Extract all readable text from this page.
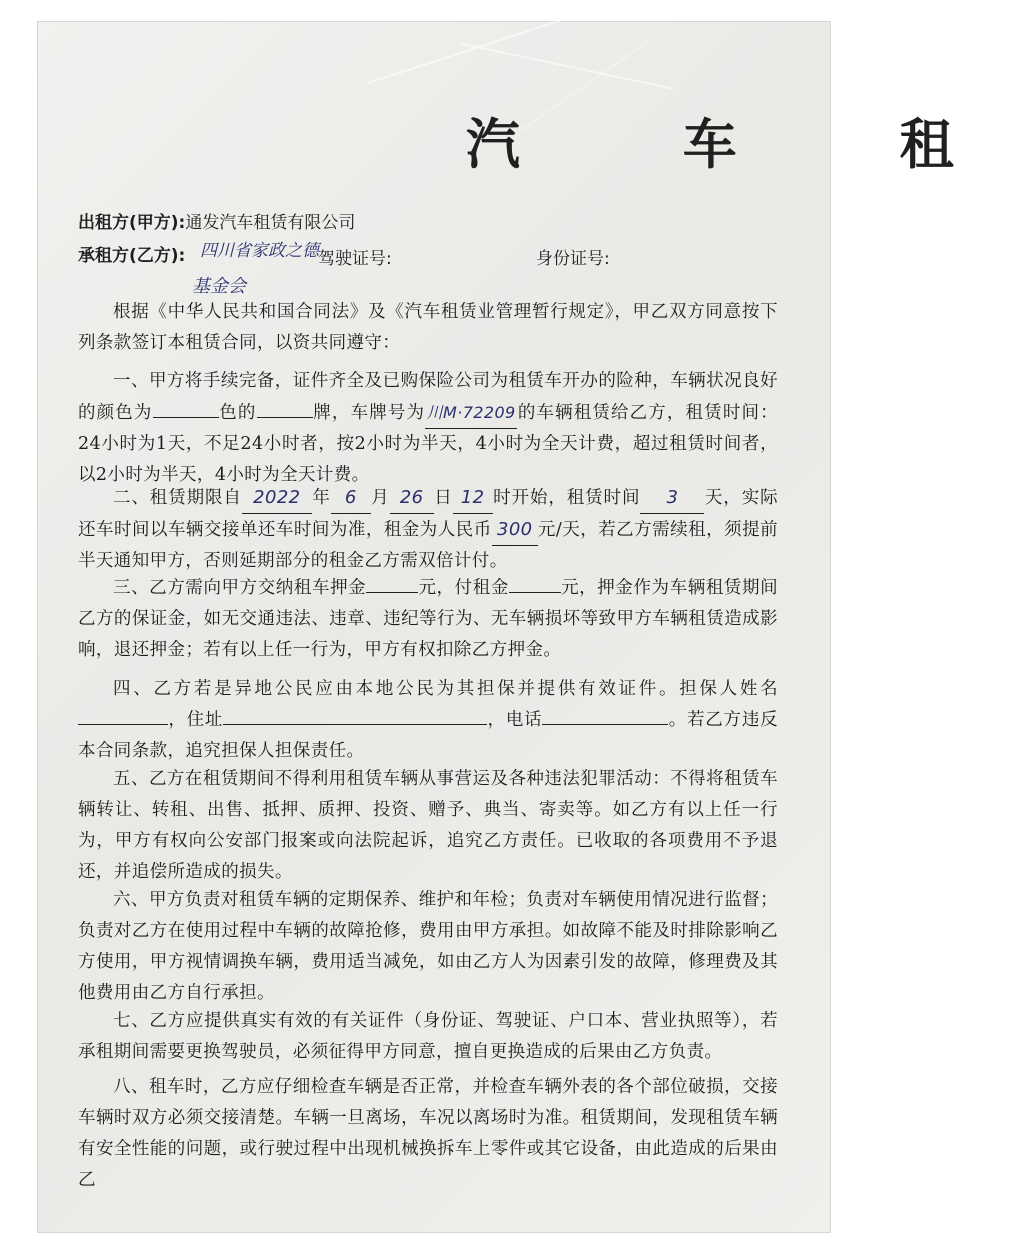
汽 车 租
出租方(甲方):通发汽车租赁有限公司
承租方(乙方): 四川省家政之德 驾驶证号:	身份证号:
基金会
根据《中华人民共和国合同法》及《汽车租赁业管理暂行规定》，甲乙双方同意按下列条款签订本租赁合同，以资共同遵守：
一、甲方将手续完备，证件齐全及已购保险公司为租赁车开办的险种，车辆状况良好的颜色为	色的	牌，车牌号为川M·72209的车辆租赁给乙方，租赁时间：24小时为1天，不足24小时者，按2小时为半天，4小时为全天计费，超过租赁时间者，以2小时为半天，4小时为全天计费。
二、租赁期限自 2022 年 6 月 26 日 12 时开始，租赁时间 3 天，实际还车时间以车辆交接单还车时间为准，租金为人民币 300 元/天，若乙方需续租，须提前半天通知甲方，否则延期部分的租金乙方需双倍计付。
三、乙方需向甲方交纳租车押金	元，付租金	元，押金作为车辆租赁期间乙方的保证金，如无交通违法、违章、违纪等行为、无车辆损坏等致甲方车辆租赁造成影响，退还押金；若有以上任一行为，甲方有权扣除乙方押金。
四、乙方若是异地公民应由本地公民为其担保并提供有效证件。担保人姓名，住址	，电话	。若乙方违反本合同条款，追究担保人担保责任。
五、乙方在租赁期间不得利用租赁车辆从事营运及各种违法犯罪活动：不得将租赁车辆转让、转租、出售、抵押、质押、投资、赠予、典当、寄卖等。如乙方有以上任一行为，甲方有权向公安部门报案或向法院起诉，追究乙方责任。已收取的各项费用不予退还，并追偿所造成的损失。
六、甲方负责对租赁车辆的定期保养、维护和年检；负责对车辆使用情况进行监督；负责对乙方在使用过程中车辆的故障抢修，费用由甲方承担。如故障不能及时排除影响乙方使用，甲方视情调换车辆，费用适当减免，如由乙方人为因素引发的故障，修理费及其他费用由乙方自行承担。
七、乙方应提供真实有效的有关证件（身份证、驾驶证、户口本、营业执照等），若承租期间需要更换驾驶员，必须征得甲方同意，擅自更换造成的后果由乙方负责。
八、租车时，乙方应仔细检查车辆是否正常，并检查车辆外表的各个部位破损，交接车辆时双方必须交接清楚。车辆一旦离场，车况以离场时为准。租赁期间，发现租赁车辆有安全性能的问题，或行驶过程中出现机械换拆车上零件或其它设备，由此造成的后果由乙
